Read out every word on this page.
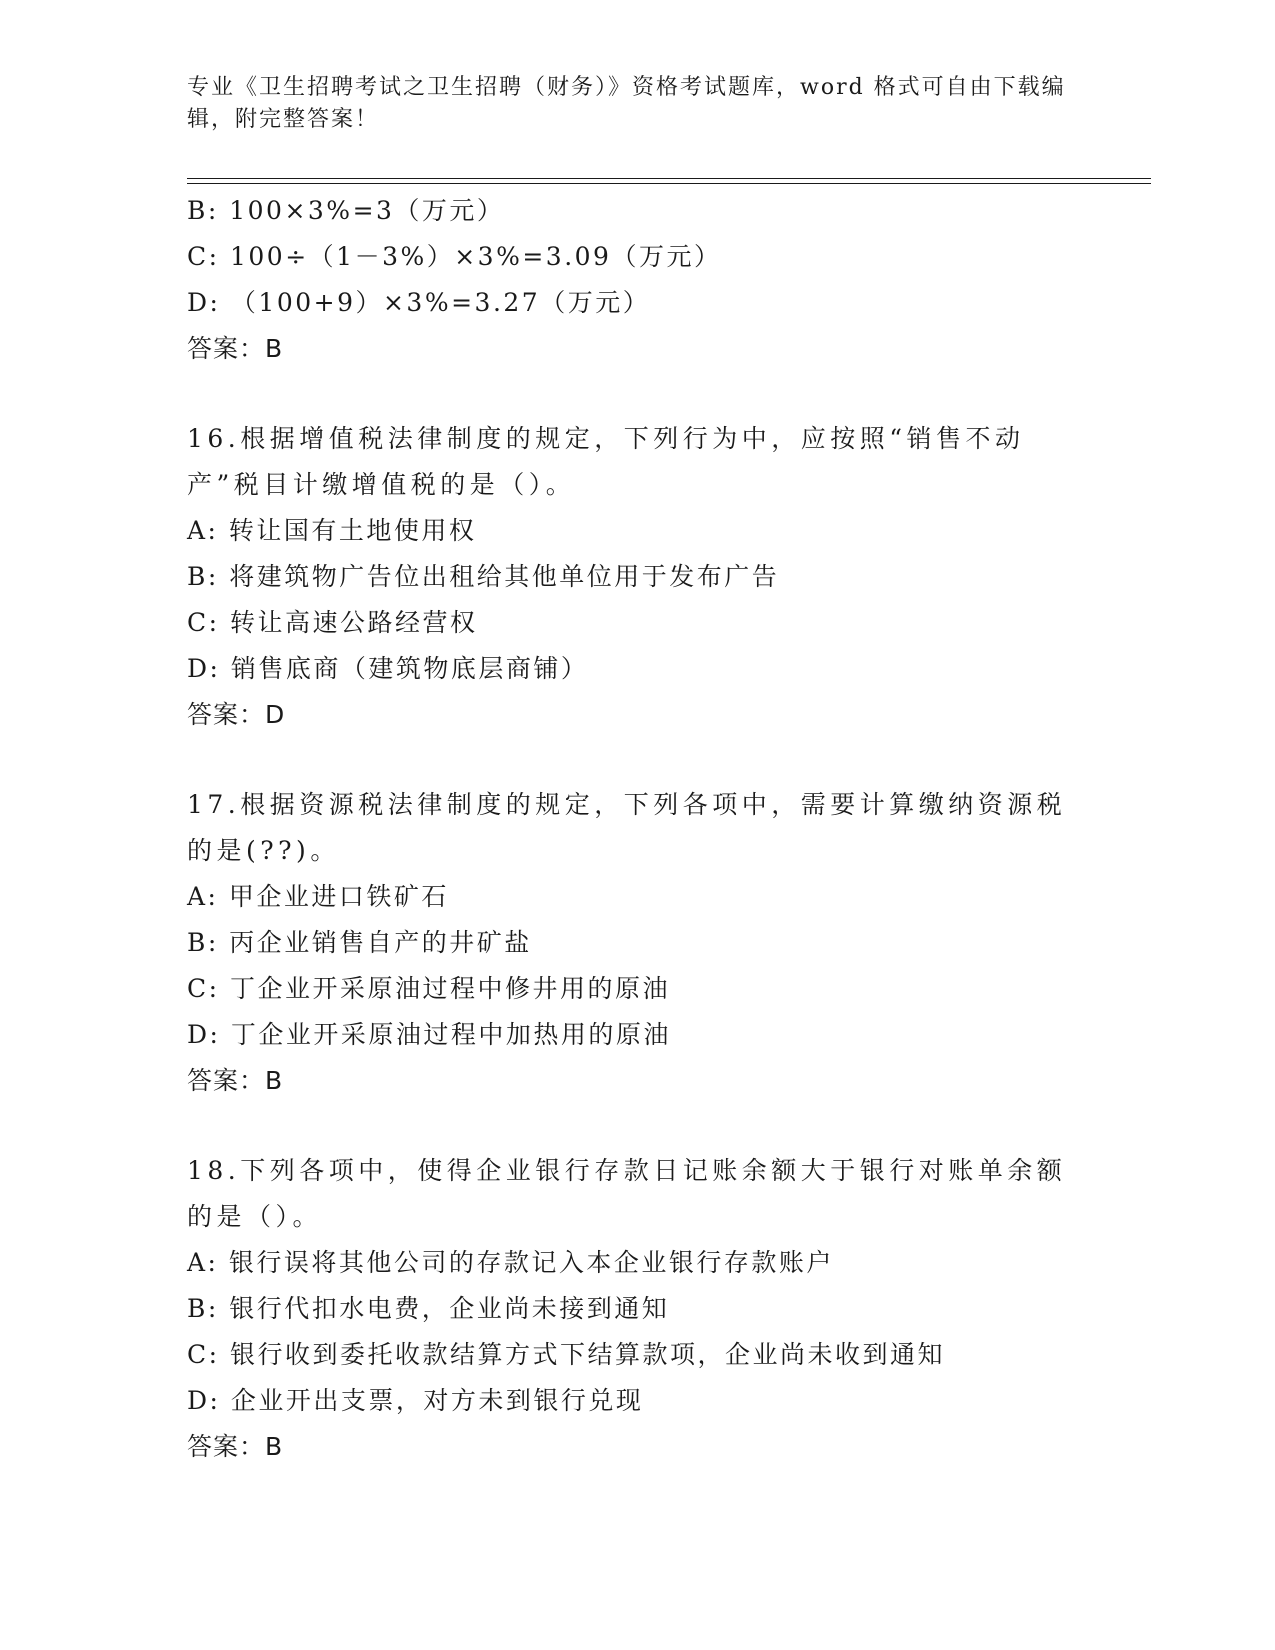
专业《卫生招聘考试之卫生招聘（财务）》资格考试题库，word 格式可自由下载编辑，附完整答案！
B: 100×3%=3（万元）
C: 100÷（1－3%）×3%=3.09（万元）
D: （100+9）×3%=3.27（万元）
答案：B
16.根据增值税法律制度的规定，下列行为中，应按照“销售不动产”税目计缴增值税的是（）。
A: 转让国有土地使用权
B: 将建筑物广告位出租给其他单位用于发布广告
C: 转让高速公路经营权
D: 销售底商（建筑物底层商铺）
答案：D
17.根据资源税法律制度的规定，下列各项中，需要计算缴纳资源税的是(??)。
A: 甲企业进口铁矿石
B: 丙企业销售自产的井矿盐
C: 丁企业开采原油过程中修井用的原油
D: 丁企业开采原油过程中加热用的原油
答案：B
18.下列各项中，使得企业银行存款日记账余额大于银行对账单余额的是（）。
A: 银行误将其他公司的存款记入本企业银行存款账户
B: 银行代扣水电费，企业尚未接到通知
C: 银行收到委托收款结算方式下结算款项，企业尚未收到通知
D: 企业开出支票，对方未到银行兑现
答案：B
